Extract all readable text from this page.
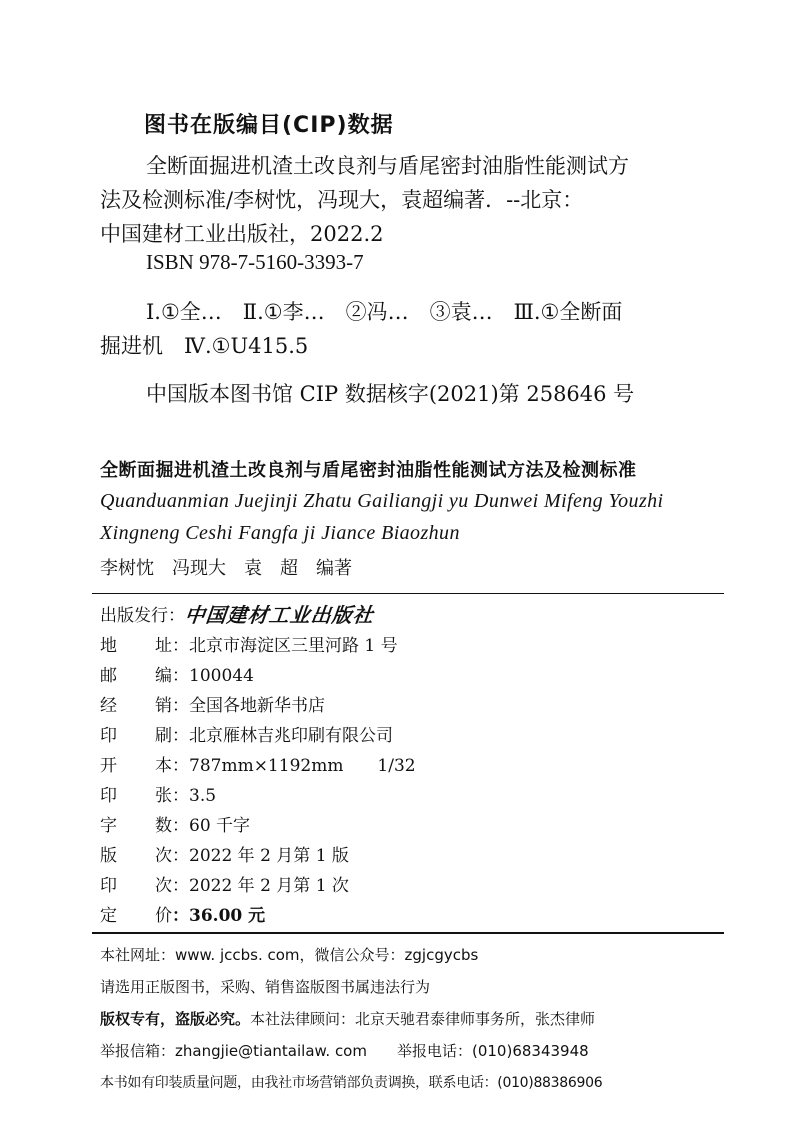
图书在版编目(CIP)数据
全断面掘进机渣土改良剂与盾尾密封油脂性能测试方
法及检测标准/李树忱，冯现大，袁超编著．--北京：
中国建材工业出版社，2022.2
ISBN 978-7-5160-3393-7
Ⅰ.①全…　Ⅱ.①李…　②冯…　③袁…　Ⅲ.①全断面
掘进机　Ⅳ.①U415.5
中国版本图书馆 CIP 数据核字(2021)第 258646 号
全断面掘进机渣土改良剂与盾尾密封油脂性能测试方法及检测标准
Quanduanmian Juejinji Zhatu Gailiangji yu Dunwei Mifeng Youzhi
Xingneng Ceshi Fangfa ji Jiance Biaozhun
李树忱　冯现大　袁　超　编著
出版发行：
中国建材工业出版社
地址 ：北京市海淀区三里河路 1 号
邮编 ：100044
经销 ：全国各地新华书店
印刷 ：北京雁林吉兆印刷有限公司
开本 ：787mm×1192mm　　1/32
印张 ：3.5
字数 ：60 千字
版次 ：2022 年 2 月第 1 版
印次 ：2022 年 2 月第 1 次
定价 ：36.00 元
本社网址：www. jccbs. com，微信公众号：zgjcgycbs
请选用正版图书，采购、销售盗版图书属违法行为
版权专有，盗版必究。本社法律顾问：北京天驰君泰律师事务所，张杰律师
举报信箱：zhangjie@tiantailaw. com 举报电话：(010)68343948
本书如有印装质量问题，由我社市场营销部负责调换，联系电话：(010)88386906
